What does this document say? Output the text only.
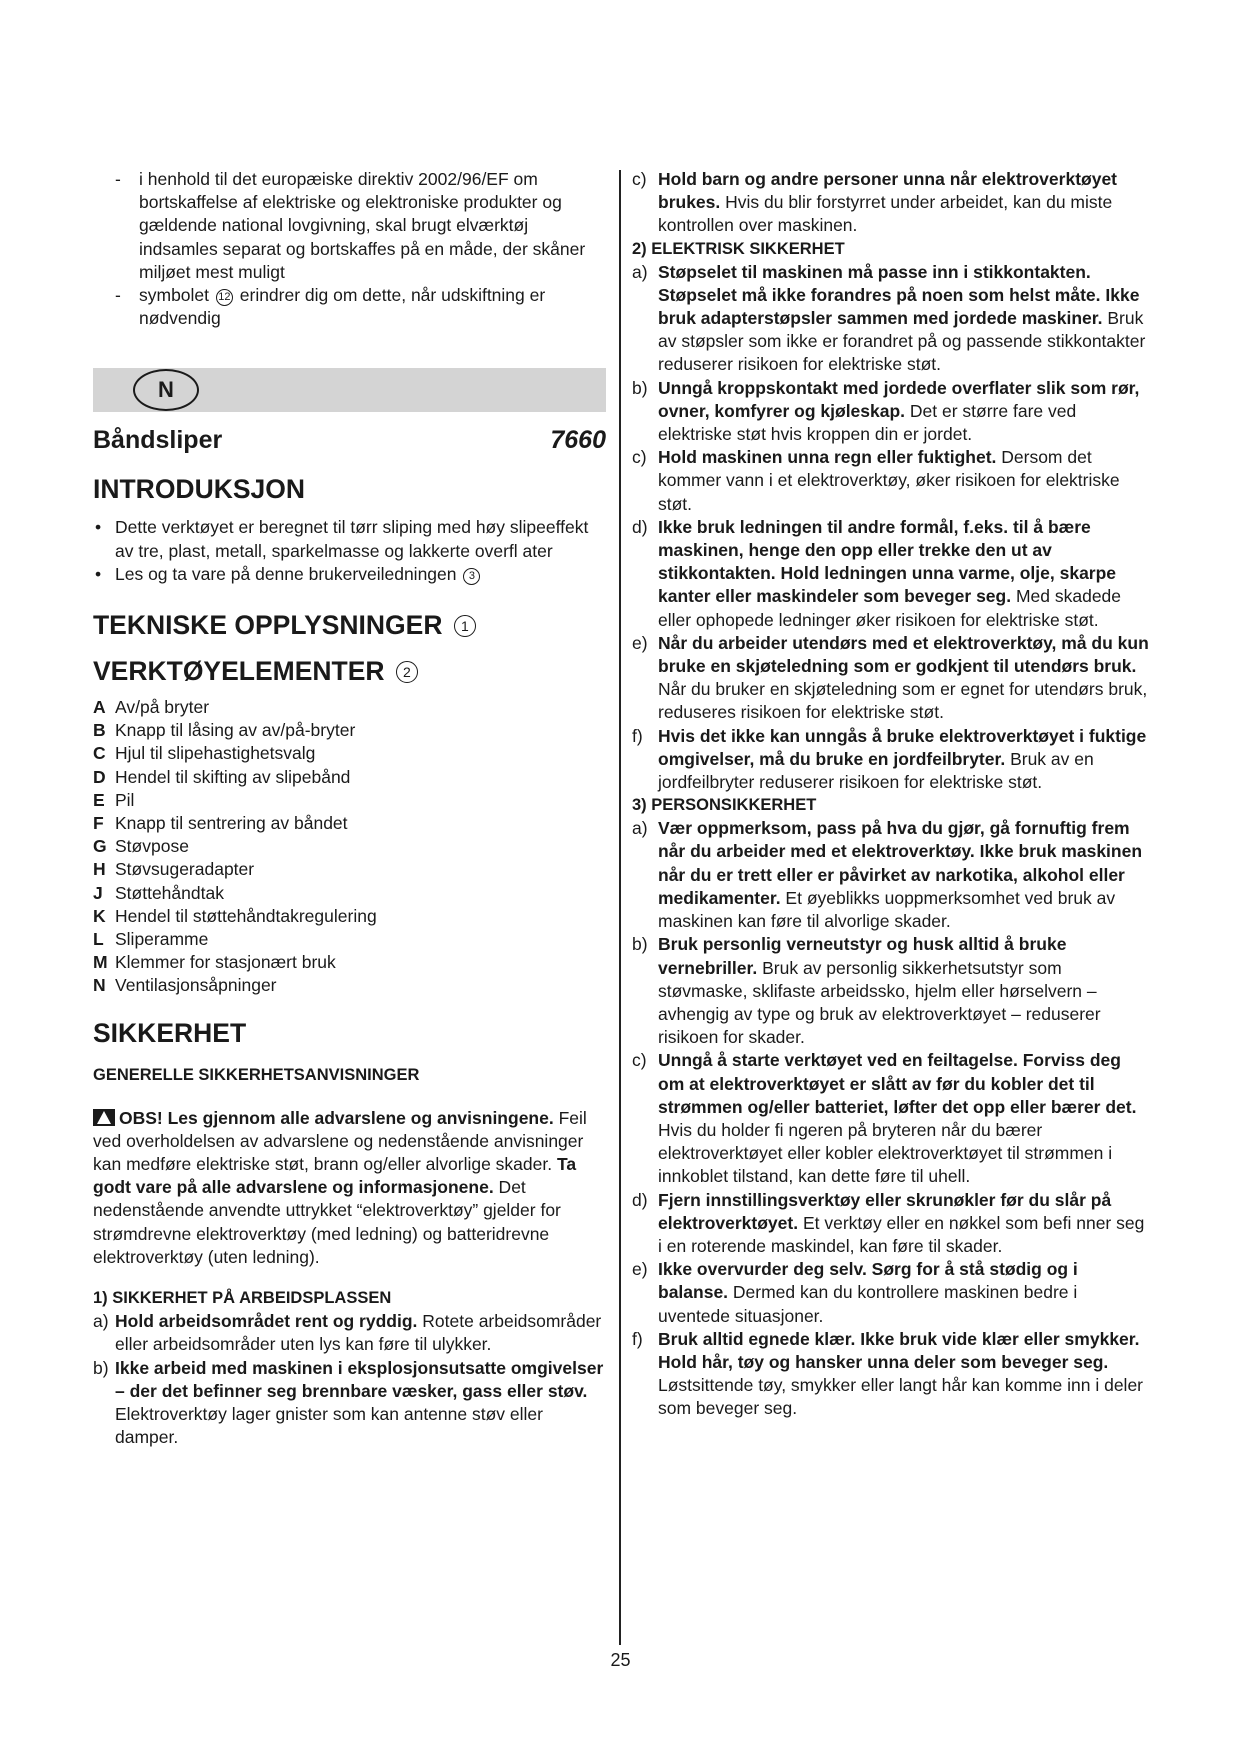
- i henhold til det europæiske direktiv 2002/96/EF om bortskaffelse af elektriske og elektroniske produkter og gældende national lovgivning, skal brugt elværktøj indsamles separat og bortskaffes på en måde, der skåner miljøet mest muligt
- symbolet 12 erindrer dig om dette, når udskiftning er nødvendig
N
Båndsliper	7660
INTRODUKSJON
• Dette verktøyet er beregnet til tørr sliping med høy slipeeffekt av tre, plast, metall, sparkelmasse og lakkerte overfl ater
• Les og ta vare på denne brukerveiledningen 3
TEKNISKE OPPLYSNINGER 1
VERKTØYELEMENTER 2
A Av/på bryter
B Knapp til låsing av av/på-bryter
C Hjul til slipehastighetsvalg
D Hendel til skifting av slipebånd
E Pil
F Knapp til sentrering av båndet
G Støvpose
H Støvsugeradapter
J Støttehåndtak
K Hendel til støttehåndtakregulering
L Sliperamme
M Klemmer for stasjonært bruk
N Ventilasjonsåpninger
SIKKERHET
GENERELLE SIKKERHETSANVISNINGER
OBS! Les gjennom alle advarslene og anvisningene. Feil ved overholdelsen av advarslene og nedenstående anvisninger kan medføre elektriske støt, brann og/eller alvorlige skader. Ta godt vare på alle advarslene og informasjonene. Det nedenstående anvendte uttrykket “elektroverktøy” gjelder for strømdrevne elektroverktøy (med ledning) og batteridrevne elektroverktøy (uten ledning).
1) SIKKERHET PÅ ARBEIDSPLASSEN
a) Hold arbeidsområdet rent og ryddig. Rotete arbeidsområder eller arbeidsområder uten lys kan føre til ulykker.
b) Ikke arbeid med maskinen i eksplosjonsutsatte omgivelser – der det befinner seg brennbare væsker, gass eller støv. Elektroverktøy lager gnister som kan antenne støv eller damper.
c) Hold barn og andre personer unna når elektroverktøyet brukes. Hvis du blir forstyrret under arbeidet, kan du miste kontrollen over maskinen.
2) ELEKTRISK SIKKERHET
a) Støpselet til maskinen må passe inn i stikkontakten. Støpselet må ikke forandres på noen som helst måte. Ikke bruk adapterstøpsler sammen med jordede maskiner. Bruk av støpsler som ikke er forandret på og passende stikkontakter reduserer risikoen for elektriske støt.
b) Unngå kroppskontakt med jordede overflater slik som rør, ovner, komfyrer og kjøleskap. Det er større fare ved elektriske støt hvis kroppen din er jordet.
c) Hold maskinen unna regn eller fuktighet. Dersom det kommer vann i et elektroverktøy, øker risikoen for elektriske støt.
d) Ikke bruk ledningen til andre formål, f.eks. til å bære maskinen, henge den opp eller trekke den ut av stikkontakten. Hold ledningen unna varme, olje, skarpe kanter eller maskindeler som beveger seg. Med skadede eller ophopede ledninger øker risikoen for elektriske støt.
e) Når du arbeider utendørs med et elektroverktøy, må du kun bruke en skjøteledning som er godkjent til utendørs bruk. Når du bruker en skjøteledning som er egnet for utendørs bruk, reduseres risikoen for elektriske støt.
f) Hvis det ikke kan unngås å bruke elektroverktøyet i fuktige omgivelser, må du bruke en jordfeilbryter. Bruk av en jordfeilbryter reduserer risikoen for elektriske støt.
3) PERSONSIKKERHET
a) Vær oppmerksom, pass på hva du gjør, gå fornuftig frem når du arbeider med et elektroverktøy. Ikke bruk maskinen når du er trett eller er påvirket av narkotika, alkohol eller medikamenter. Et øyeblikks uoppmerksomhet ved bruk av maskinen kan føre til alvorlige skader.
b) Bruk personlig verneutstyr og husk alltid å bruke vernebriller. Bruk av personlig sikkerhetsutstyr som støvmaske, sklifaste arbeidssko, hjelm eller hørselvern – avhengig av type og bruk av elektroverktøyet – reduserer risikoen for skader.
c) Unngå å starte verktøyet ved en feiltagelse. Forviss deg om at elektroverktøyet er slått av før du kobler det til strømmen og/eller batteriet, løfter det opp eller bærer det. Hvis du holder fi ngeren på bryteren når du bærer elektroverktøyet eller kobler elektroverktøyet til strømmen i innkoblet tilstand, kan dette føre til uhell.
d) Fjern innstillingsverktøy eller skrunøkler før du slår på elektroverktøyet. Et verktøy eller en nøkkel som befi nner seg i en roterende maskindel, kan føre til skader.
e) Ikke overvurder deg selv. Sørg for å stå stødig og i balanse. Dermed kan du kontrollere maskinen bedre i uventede situasjoner.
f) Bruk alltid egnede klær. Ikke bruk vide klær eller smykker. Hold hår, tøy og hansker unna deler som beveger seg. Løstsittende tøy, smykker eller langt hår kan komme inn i deler som beveger seg.
25
